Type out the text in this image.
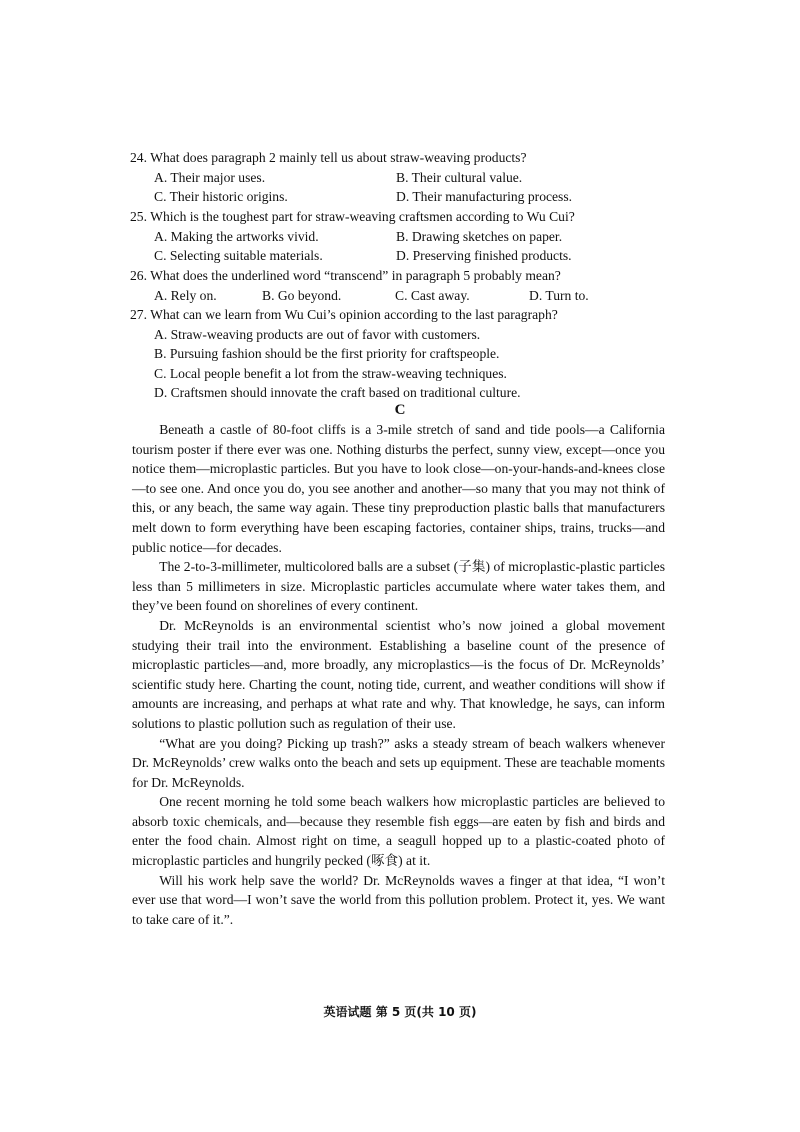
24. What does paragraph 2 mainly tell us about straw-weaving products?
A. Their major uses.	B. Their cultural value.
C. Their historic origins.	D. Their manufacturing process.
25. Which is the toughest part for straw-weaving craftsmen according to Wu Cui?
A. Making the artworks vivid.	B. Drawing sketches on paper.
C. Selecting suitable materials.	D. Preserving finished products.
26. What does the underlined word “transcend” in paragraph 5 probably mean?
A. Rely on.	B. Go beyond.	C. Cast away.	D. Turn to.
27. What can we learn from Wu Cui’s opinion according to the last paragraph?
A. Straw-weaving products are out of favor with customers.
B. Pursuing fashion should be the first priority for craftspeople.
C. Local people benefit a lot from the straw-weaving techniques.
D. Craftsmen should innovate the craft based on traditional culture.
C

Beneath a castle of 80-foot cliffs is a 3-mile stretch of sand and tide pools—a California tourism poster if there ever was one. Nothing disturbs the perfect, sunny view, except—once you notice them—microplastic particles. But you have to look close—on-your-hands-and-knees close—to see one. And once you do, you see another and another—so many that you may not think of this, or any beach, the same way again. These tiny preproduction plastic balls that manufacturers melt down to form everything have been escaping factories, container ships, trains, trucks—and public notice—for decades.

The 2-to-3-millimeter, multicolored balls are a subset (子集) of microplastic-plastic particles less than 5 millimeters in size. Microplastic particles accumulate where water takes them, and they’ve been found on shorelines of every continent.

Dr. McReynolds is an environmental scientist who’s now joined a global movement studying their trail into the environment. Establishing a baseline count of the presence of microplastic particles—and, more broadly, any microplastics—is the focus of Dr. McReynolds’ scientific study here. Charting the count, noting tide, current, and weather conditions will show if amounts are increasing, and perhaps at what rate and why. That knowledge, he says, can inform solutions to plastic pollution such as regulation of their use.

“What are you doing? Picking up trash?” asks a steady stream of beach walkers whenever Dr. McReynolds’ crew walks onto the beach and sets up equipment. These are teachable moments for Dr. McReynolds.

One recent morning he told some beach walkers how microplastic particles are believed to absorb toxic chemicals, and—because they resemble fish eggs—are eaten by fish and birds and enter the food chain. Almost right on time, a seagull hopped up to a plastic-coated photo of microplastic particles and hungrily pecked (啄食) at it.

Will his work help save the world? Dr. McReynolds waves a finger at that idea, “I won’t ever use that word—I won’t save the world from this pollution problem. Protect it, yes. We want to take care of it.”.

英语试题 第 5 页(共 10 页)
